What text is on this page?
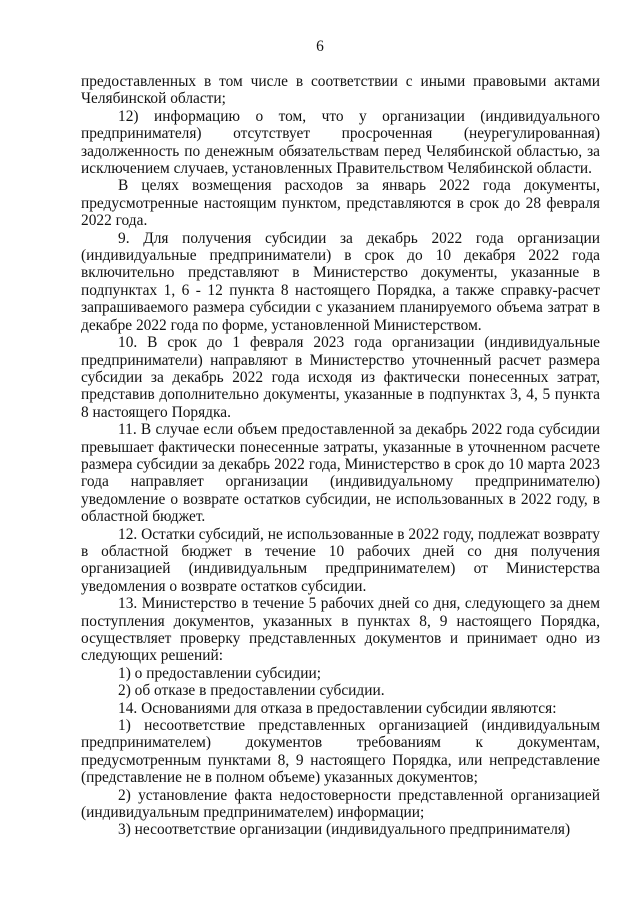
6

предоставленных в том числе в соответствии с иными правовыми актами Челябинской области;

12) информацию о том, что у организации (индивидуального предпринимателя) отсутствует просроченная (неурегулированная) задолженность по денежным обязательствам перед Челябинской областью, за исключением случаев, установленных Правительством Челябинской области.

В целях возмещения расходов за январь 2022 года документы, предусмотренные настоящим пунктом, представляются в срок до 28 февраля 2022 года.

9. Для получения субсидии за декабрь 2022 года организации (индивидуальные предприниматели) в срок до 10 декабря 2022 года включительно представляют в Министерство документы, указанные в подпунктах 1, 6 - 12 пункта 8 настоящего Порядка, а также справку-расчет запрашиваемого размера субсидии с указанием планируемого объема затрат в декабре 2022 года по форме, установленной Министерством.

10. В срок до 1 февраля 2023 года организации (индивидуальные предприниматели) направляют в Министерство уточненный расчет размера субсидии за декабрь 2022 года исходя из фактически понесенных затрат, представив дополнительно документы, указанные в подпунктах 3, 4, 5 пункта 8 настоящего Порядка.

11. В случае если объем предоставленной за декабрь 2022 года субсидии превышает фактически понесенные затраты, указанные в уточненном расчете размера субсидии за декабрь 2022 года, Министерство в срок до 10 марта 2023 года направляет организации (индивидуальному предпринимателю) уведомление о возврате остатков субсидии, не использованных в 2022 году, в областной бюджет.

12. Остатки субсидий, не использованные в 2022 году, подлежат возврату в областной бюджет в течение 10 рабочих дней со дня получения организацией (индивидуальным предпринимателем) от Министерства уведомления о возврате остатков субсидии.

13. Министерство в течение 5 рабочих дней со дня, следующего за днем поступления документов, указанных в пунктах 8, 9 настоящего Порядка, осуществляет проверку представленных документов и принимает одно из следующих решений:

1) о предоставлении субсидии;

2) об отказе в предоставлении субсидии.

14. Основаниями для отказа в предоставлении субсидии являются:

1) несоответствие представленных организацией (индивидуальным предпринимателем) документов требованиям к документам, предусмотренным пунктами 8, 9 настоящего Порядка, или непредставление (представление не в полном объеме) указанных документов;

2) установление факта недостоверности представленной организацией (индивидуальным предпринимателем) информации;

3) несоответствие организации (индивидуального предпринимателя)
